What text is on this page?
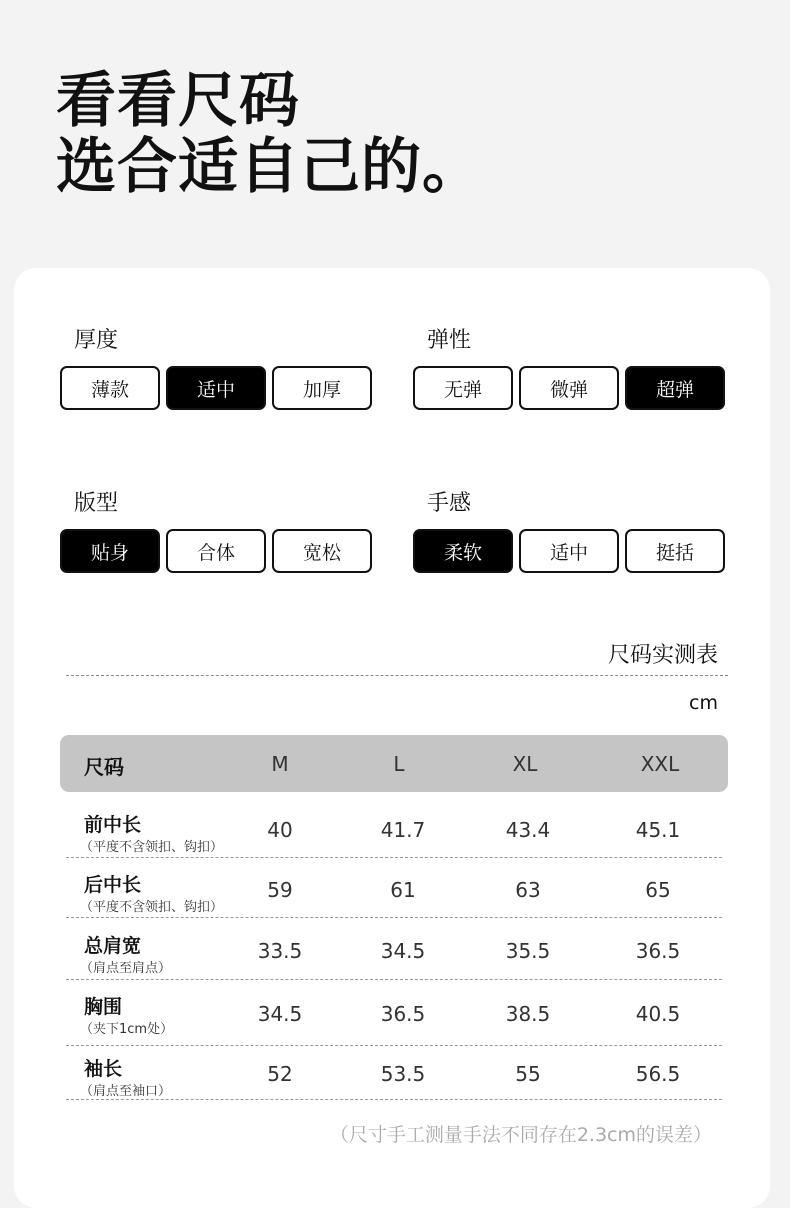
看看尺码
选合适自己的。
厚度
薄款	适中	加厚
弹性
无弹	微弹	超弹
版型
贴身	合体	宽松
手感
柔软	适中	挺括
尺码实测表
cm
尺码	M	L	XL	XXL
前中长
（平度不含领扣、钩扣）
40	41.7	43.4	45.1
后中长
（平度不含领扣、钩扣）
59	61	63	65
总肩宽
（肩点至肩点）
33.5	34.5	35.5	36.5
胸围
（夹下1cm处）
34.5	36.5	38.5	40.5
袖长
（肩点至袖口）
52	53.5	55	56.5
（尺寸手工测量手法不同存在2.3cm的误差）
